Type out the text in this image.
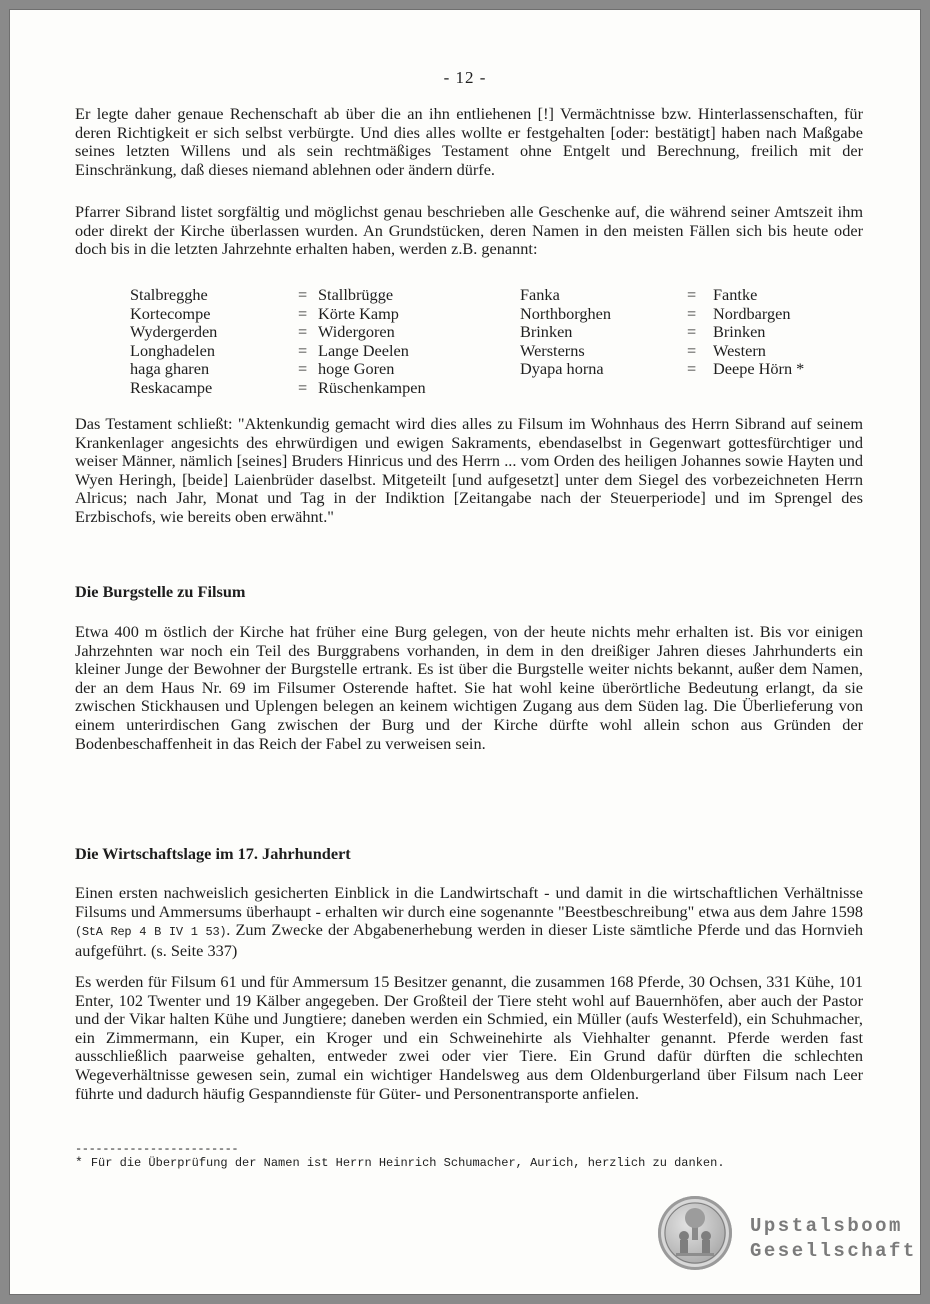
- 12 -

Er legte daher genaue Rechenschaft ab über die an ihn entliehenen [!] Vermächtnisse bzw. Hinterlassenschaften, für deren Richtigkeit er sich selbst verbürgte. Und dies alles wollte er festgehalten [oder: bestätigt] haben nach Maßgabe seines letzten Willens und als sein rechtmäßiges Testament ohne Entgelt und Berechnung, freilich mit der Einschränkung, daß dieses niemand ablehnen oder ändern dürfe.

Pfarrer Sibrand listet sorgfältig und möglichst genau beschrieben alle Geschenke auf, die während seiner Amtszeit ihm oder direkt der Kirche überlassen wurden. An Grundstücken, deren Namen in den meisten Fällen sich bis heute oder doch bis in die letzten Jahrzehnte erhalten haben, werden z.B. genannt:

Stalbregghe	= Stallbrügge	Fanka	= Fantke
Kortecompe	= Körte Kamp	Northborghen	= Nordbargen
Wydergerden	= Widergoren	Brinken	= Brinken
Longhadelen	= Lange Deelen	Wersterns	= Western
haga gharen	= hoge Goren	Dyapa horna	= Deepe Hörn *
Reskacampe	= Rüschenkampen

Das Testament schließt: "Aktenkundig gemacht wird dies alles zu Filsum im Wohnhaus des Herrn Sibrand auf seinem Krankenlager angesichts des ehrwürdigen und ewigen Sakraments, ebendaselbst in Gegenwart gottesfürchtiger und weiser Männer, nämlich [seines] Bruders Hinricus und des Herrn ... vom Orden des heiligen Johannes sowie Hayten und Wyen Heringh, [beide] Laienbrüder daselbst. Mitgeteilt [und aufgesetzt] unter dem Siegel des vorbezeichneten Herrn Alricus; nach Jahr, Monat und Tag in der Indiktion [Zeitangabe nach der Steuerperiode] und im Sprengel des Erzbischofs, wie bereits oben erwähnt."

Die Burgstelle zu Filsum

Etwa 400 m östlich der Kirche hat früher eine Burg gelegen, von der heute nichts mehr erhalten ist. Bis vor einigen Jahrzehnten war noch ein Teil des Burggrabens vorhanden, in dem in den dreißiger Jahren dieses Jahrhunderts ein kleiner Junge der Bewohner der Burgstelle ertrank. Es ist über die Burgstelle weiter nichts bekannt, außer dem Namen, der an dem Haus Nr. 69 im Filsumer Osterende haftet. Sie hat wohl keine überörtliche Bedeutung erlangt, da sie zwischen Stickhausen und Uplengen belegen an keinem wichtigen Zugang aus dem Süden lag. Die Überlieferung von einem unterirdischen Gang zwischen der Burg und der Kirche dürfte wohl allein schon aus Gründen der Bodenbeschaffenheit in das Reich der Fabel zu verweisen sein.

Die Wirtschaftslage im 17. Jahrhundert

Einen ersten nachweislich gesicherten Einblick in die Landwirtschaft - und damit in die wirtschaftlichen Verhältnisse Filsums und Ammersums überhaupt - erhalten wir durch eine sogenannte "Beestbeschreibung" etwa aus dem Jahre 1598 (StA Rep 4 B IV 1 53). Zum Zwecke der Abgabenerhebung werden in dieser Liste sämtliche Pferde und das Hornvieh aufgeführt. (s. Seite 337)

Es werden für Filsum 61 und für Ammersum 15 Besitzer genannt, die zusammen 168 Pferde, 30 Ochsen, 331 Kühe, 101 Enter, 102 Twenter und 19 Kälber angegeben. Der Großteil der Tiere steht wohl auf Bauernhöfen, aber auch der Pastor und der Vikar halten Kühe und Jungtiere; daneben werden ein Schmied, ein Müller (aufs Westerfeld), ein Schuhmacher, ein Zimmermann, ein Kuper, ein Kroger und ein Schweinehirte als Viehhalter genannt. Pferde werden fast ausschließlich paarweise gehalten, entweder zwei oder vier Tiere. Ein Grund dafür dürften die schlechten Wegeverhältnisse gewesen sein, zumal ein wichtiger Handelsweg aus dem Oldenburgerland über Filsum nach Leer führte und dadurch häufig Gespanndienste für Güter- und Personentransporte anfielen.

------------------------
* Für die Überprüfung der Namen ist Herrn Heinrich Schumacher, Aurich, herzlich zu danken.
Upstalsboom
Gesellschaft
